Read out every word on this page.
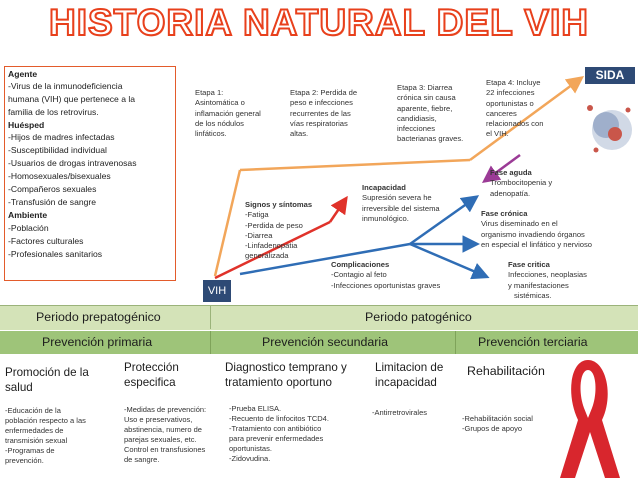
HISTORIA NATURAL DEL VIH
Agente
-Virus de la inmunodeficiencia
humana (VIH) que pertenece a la
familia de los retrovirus.
Huésped
-Hijos de madres infectadas
-Susceptibilidad individual
-Usuarios de drogas intravenosas
-Homosexuales/bisexuales
-Compañeros sexuales
-Transfusión de sangre
Ambiente
-Población
-Factores culturales
-Profesionales sanitarios
SIDA
VIH
Etapa 1:
Asintomática o
inflamación general
de los nódulos
linfáticos.
Etapa 2: Perdida de
peso e infecciones
recurrentes de las
vías respiratorias
altas.
Etapa 3: Diarrea
crónica sin causa
aparente, fiebre,
candidiasis,
infecciones
bacterianas graves.
Etapa 4: Incluye
22 infecciones
oportunistas o
canceres
relacionados con
el VIH.
Signos y síntomas
-Fatiga
-Perdida de peso
-Diarrea
-Linfadenopatia
generalizada
Incapacidad
Supresión severa he
irreversible del sistema
inmunológico.
Complicaciones
-Contagio al feto
-Infecciones oportunistas graves
Fase aguda
Trombocitopenia y
adenopatía.
Fase crónica
Virus diseminado en el
organismo invadiendo órganos
en especial el linfático y nervioso
Fase critica
Infecciones, neoplasias
y manifestaciones
sistémicas.
Periodo prepatogénico	Periodo patogénico
Prevención primaria	Prevención secundaria	Prevención terciaria
Promoción de la
salud
-Educación de la
población respecto a las
enfermedades de
transmisión sexual
-Programas de
prevención.
Protección
especifica
-Medidas de prevención:
Uso e preservativos,
abstinencia, numero de
parejas sexuales, etc.
Control en transfusiones
de sangre.
Diagnostico temprano y
tratamiento oportuno
-Prueba ELISA.
-Recuento de linfocitos TCD4.
-Tratamiento con antibiótico
para prevenir enfermedades
oportunistas.
-Zidovudina.
Limitacion de
incapacidad
-Antirretrovirales
Rehabilitación
-Rehabilitación social
-Grupos de apoyo
